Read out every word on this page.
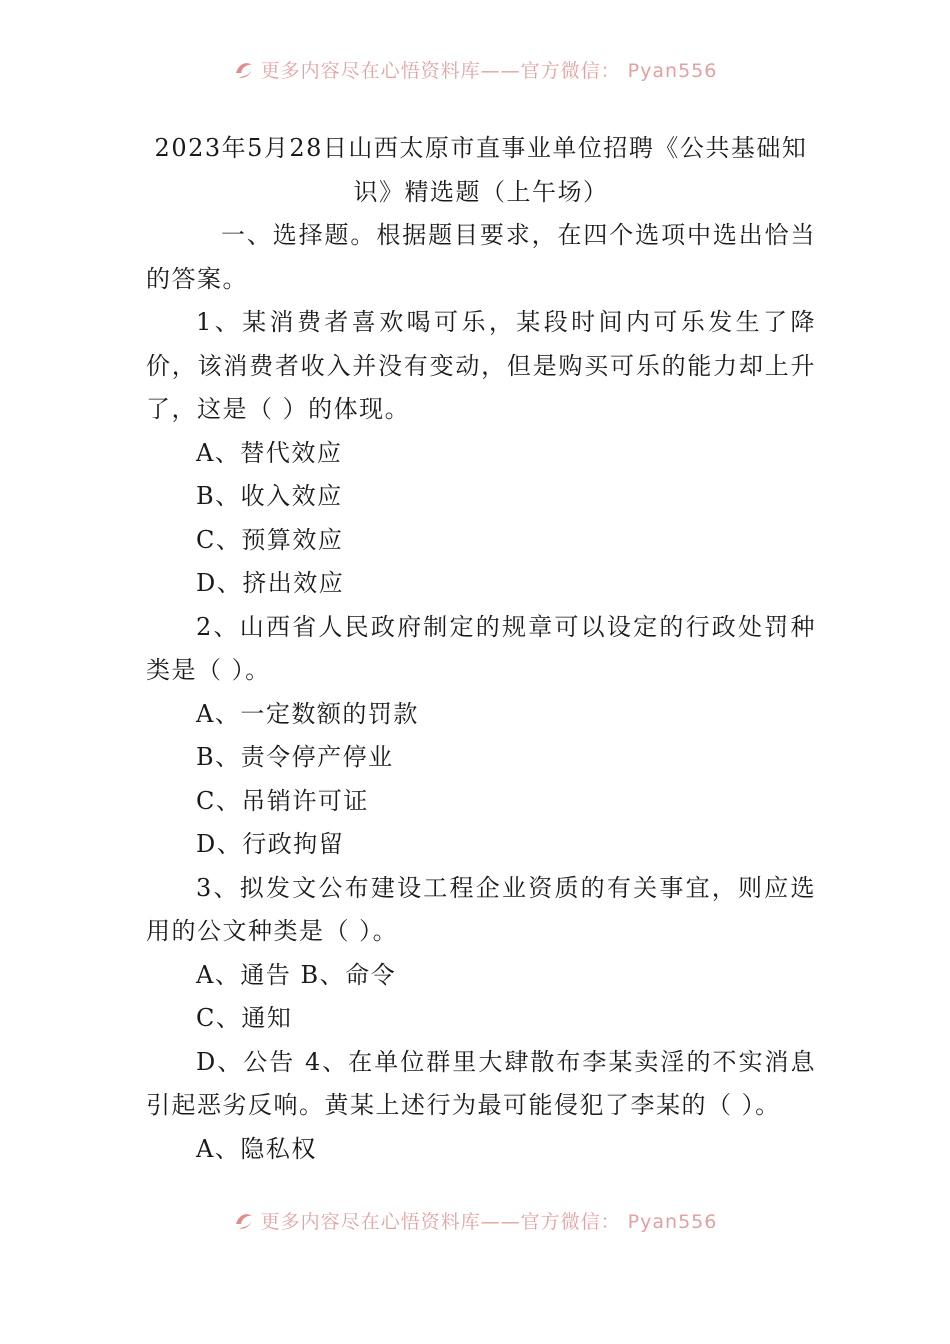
更多内容尽在心悟资料库——官方微信： Pyan556
2023年5月28日山西太原市直事业单位招聘《公共基础知识》精选题（上午场）

一、选择题。根据题目要求，在四个选项中选出恰当的答案。

1、某消费者喜欢喝可乐，某段时间内可乐发生了降价，该消费者收入并没有变动，但是购买可乐的能力却上升了，这是（ ）的体现。

A、替代效应

B、收入效应

C、预算效应

D、挤出效应

2、山西省人民政府制定的规章可以设定的行政处罚种类是（ ）。

A、一定数额的罚款

B、责令停产停业

C、吊销许可证

D、行政拘留

3、拟发文公布建设工程企业资质的有关事宜，则应选用的公文种类是（ ）。

A、通告 B、命令

C、通知

D、公告 4、在单位群里大肆散布李某卖淫的不实消息引起恶劣反响。黄某上述行为最可能侵犯了李某的（ ）。

A、隐私权

更多内容尽在心悟资料库——官方微信： Pyan556
